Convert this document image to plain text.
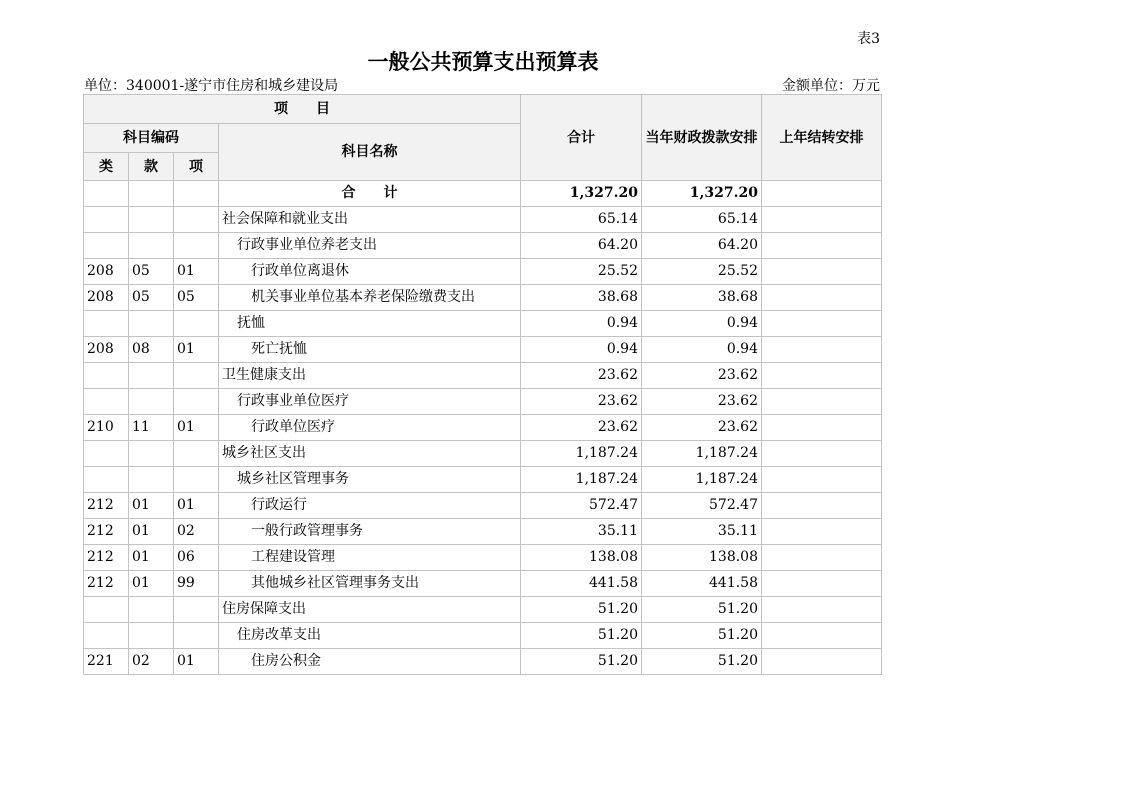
表3
一般公共预算支出预算表
单位：340001-遂宁市住房和城乡建设局	金额单位：万元
项　　目				合计	当年财政拨款安排	上年结转安排
科目编码			科目名称			
类	款	项				
			合　　计	1,327.20	1,327.20	
			社会保障和就业支出	65.14	65.14	
			行政事业单位养老支出	64.20	64.20	
208	05	01	行政单位离退休	25.52	25.52	
208	05	05	机关事业单位基本养老保险缴费支出	38.68	38.68	
			抚恤	0.94	0.94	
208	08	01	死亡抚恤	0.94	0.94	
			卫生健康支出	23.62	23.62	
			行政事业单位医疗	23.62	23.62	
210	11	01	行政单位医疗	23.62	23.62	
			城乡社区支出	1,187.24	1,187.24	
			城乡社区管理事务	1,187.24	1,187.24	
212	01	01	行政运行	572.47	572.47	
212	01	02	一般行政管理事务	35.11	35.11	
212	01	06	工程建设管理	138.08	138.08	
212	01	99	其他城乡社区管理事务支出	441.58	441.58	
			住房保障支出	51.20	51.20	
			住房改革支出	51.20	51.20	
221	02	01	住房公积金	51.20	51.20	
